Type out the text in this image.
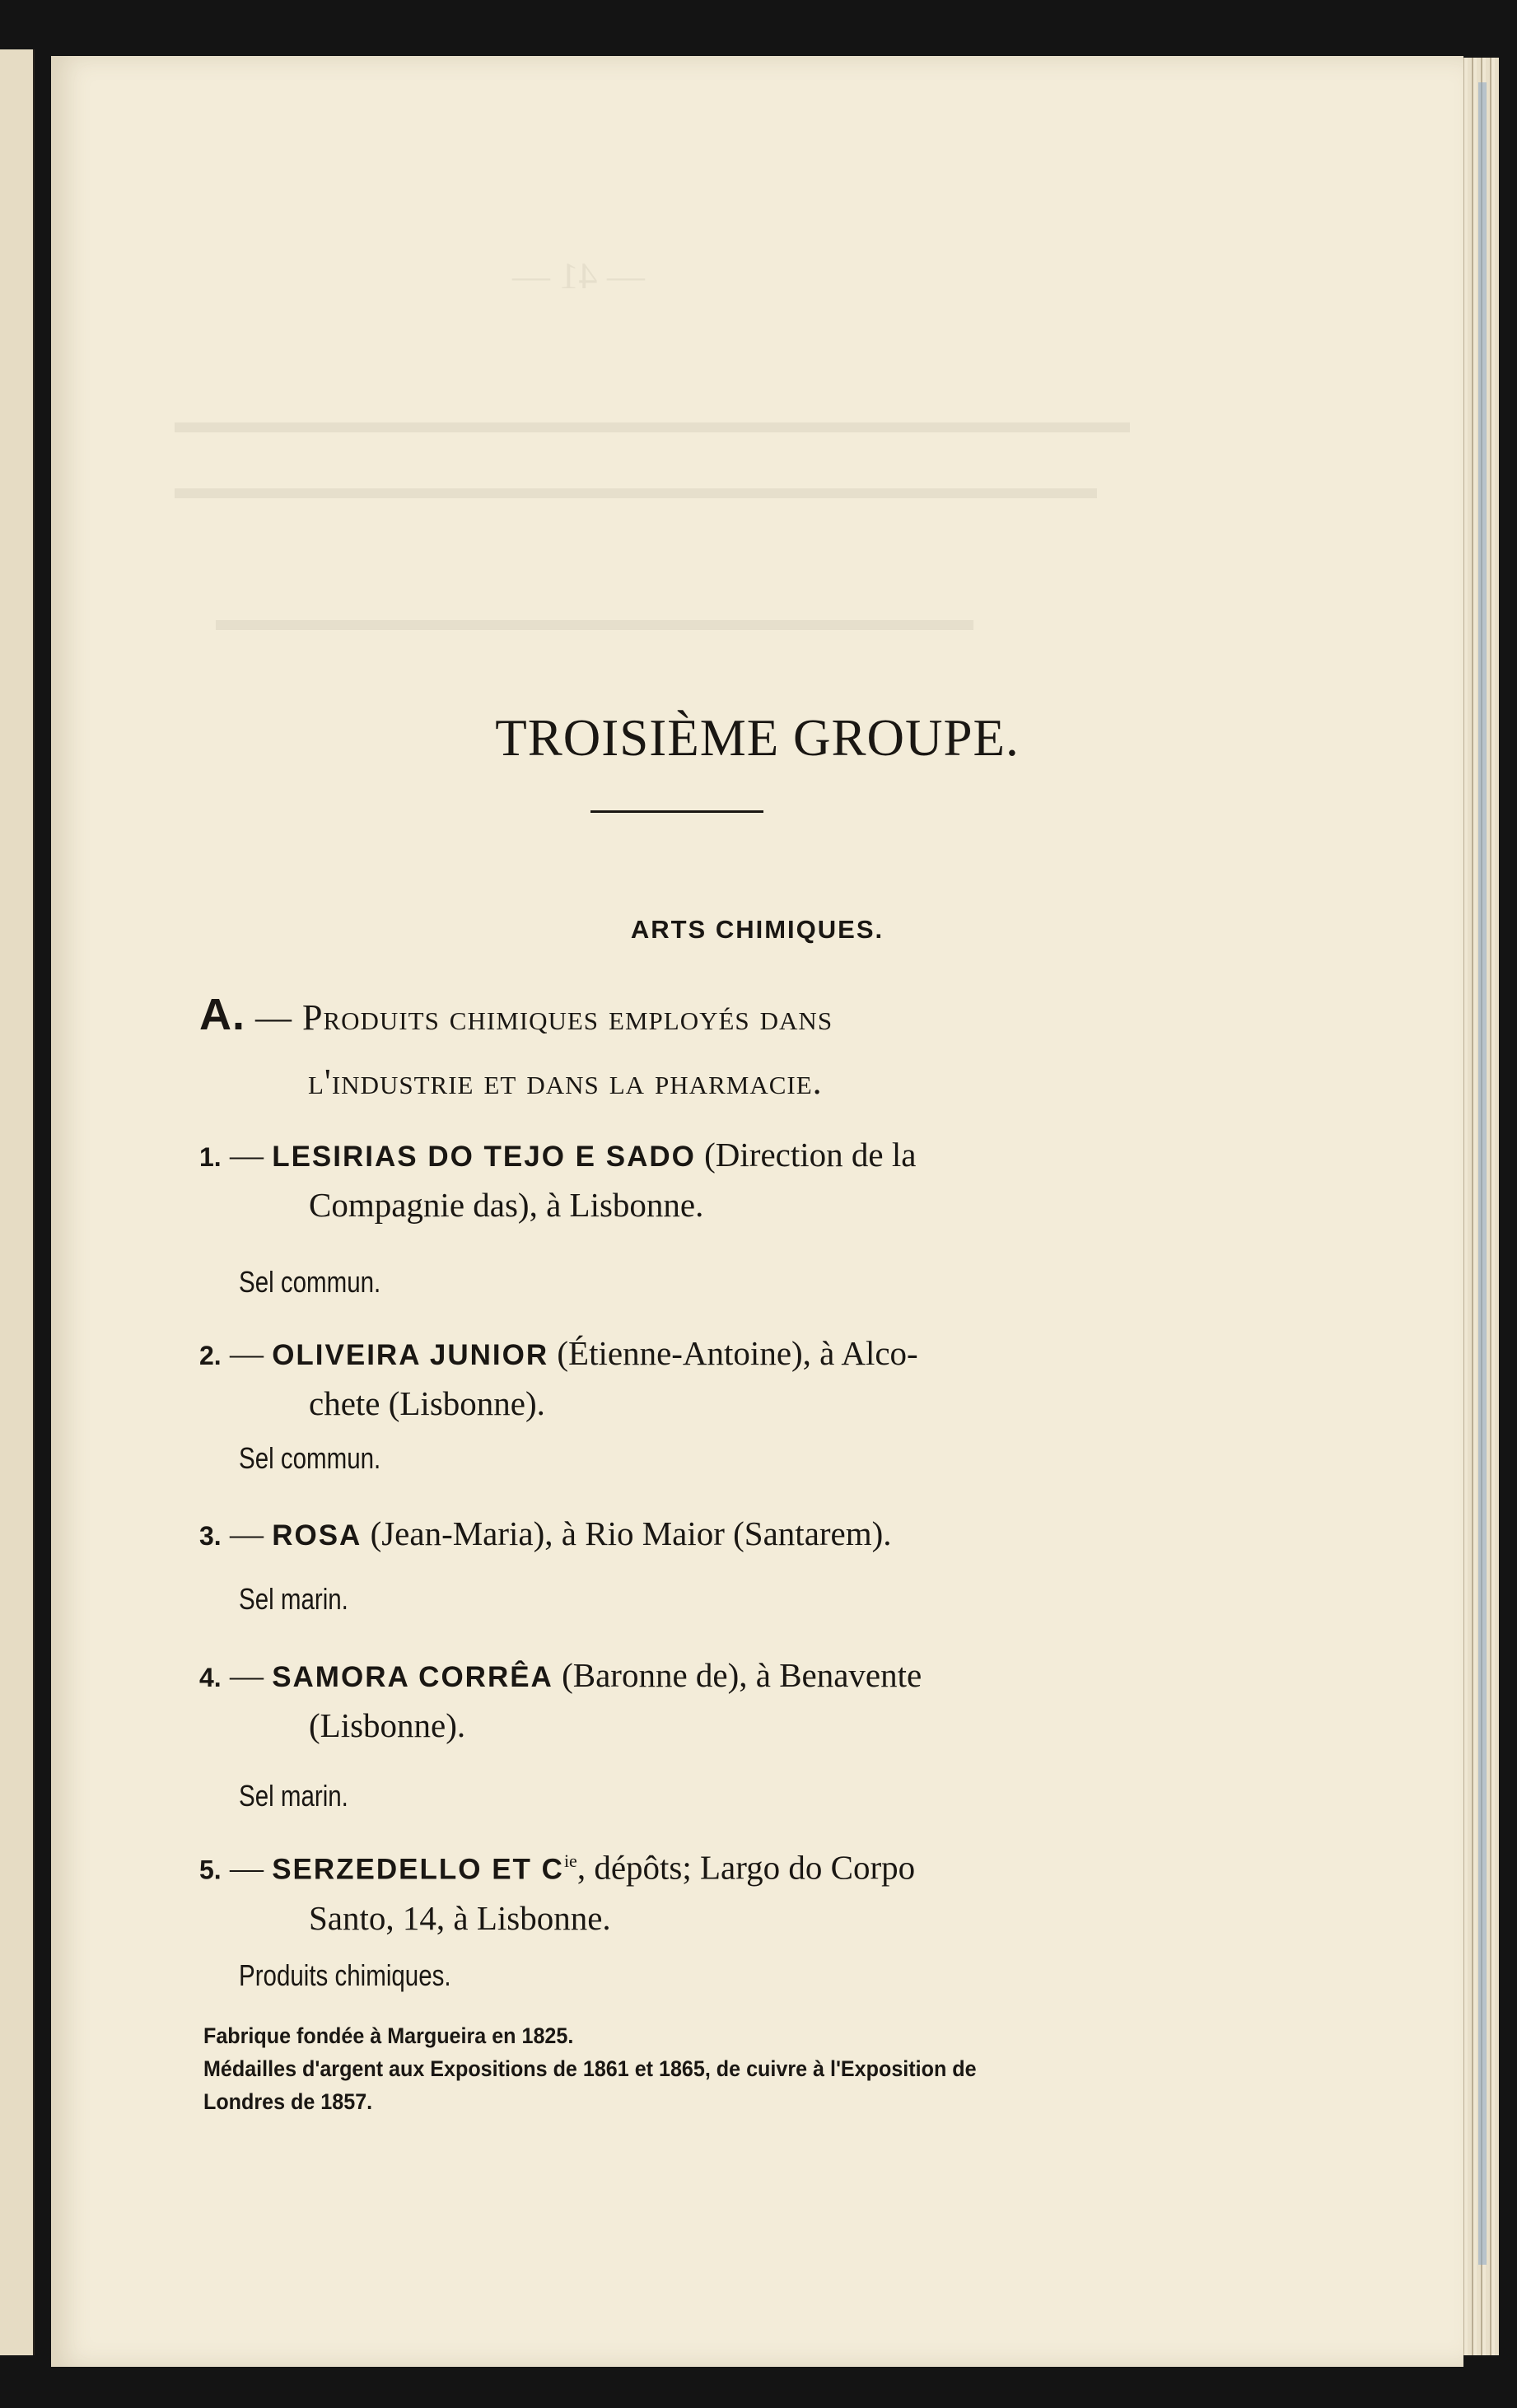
— 41 —
▬▬▬▬▬▬▬▬▬▬▬▬▬▬▬▬▬▬▬▬▬▬▬▬▬▬▬▬▬
▬▬▬▬▬▬▬▬▬▬▬▬▬▬▬▬▬▬▬▬▬▬▬▬▬▬▬▬
▬▬▬▬▬▬▬▬▬▬▬▬▬▬▬▬▬▬▬▬▬▬▬
TROISIÈME GROUPE.
ARTS CHIMIQUES.
A. — Produits chimiques employés dans
l'industrie et dans la pharmacie.
1. — LESIRIAS DO TEJO E SADO (Direction de la
Compagnie das), à Lisbonne.
Sel commun.
2. — OLIVEIRA JUNIOR (Étienne-Antoine), à Alco-
chete (Lisbonne).
Sel commun.
3. — ROSA (Jean-Maria), à Rio Maior (Santarem).
Sel marin.
4. — SAMORA CORRÊA (Baronne de), à Benavente
(Lisbonne).
Sel marin.
5. — SERZEDELLO ET $C^{ie}$, dépôts; Largo do Corpo
Santo, 14, à Lisbonne.
Produits chimiques.
Fabrique fondée à Margueira en 1825.
Médailles d'argent aux Expositions de 1861 et 1865, de cuivre à l'Exposition de
Londres de 1857.
